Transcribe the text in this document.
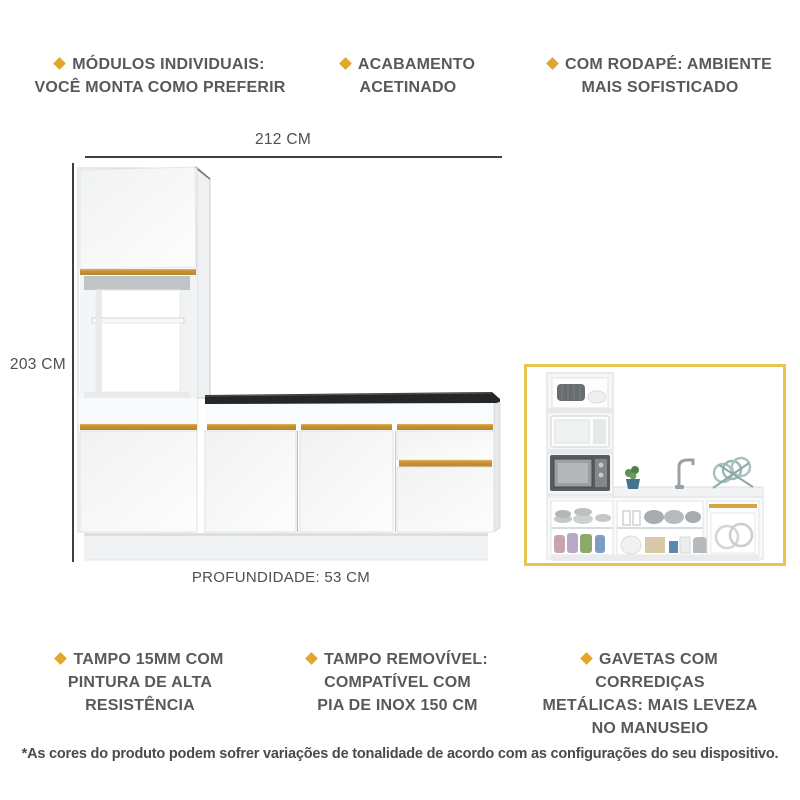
MÓDULOS INDIVIDUAIS:
VOCÊ MONTA COMO PREFERIR
ACABAMENTO
ACETINADO
COM RODAPÉ: AMBIENTE
MAIS SOFISTICADO
212 CM
203 CM
PROFUNDIDADE: 53 CM
TAMPO 15MM COM
PINTURA DE ALTA
RESISTÊNCIA
TAMPO REMOVÍVEL:
COMPATÍVEL COM
PIA DE INOX 150 CM
GAVETAS COM CORREDIÇAS
METÁLICAS: MAIS LEVEZA
NO MANUSEIO
*As cores do produto podem sofrer variações de tonalidade de acordo com as configurações do seu dispositivo.
